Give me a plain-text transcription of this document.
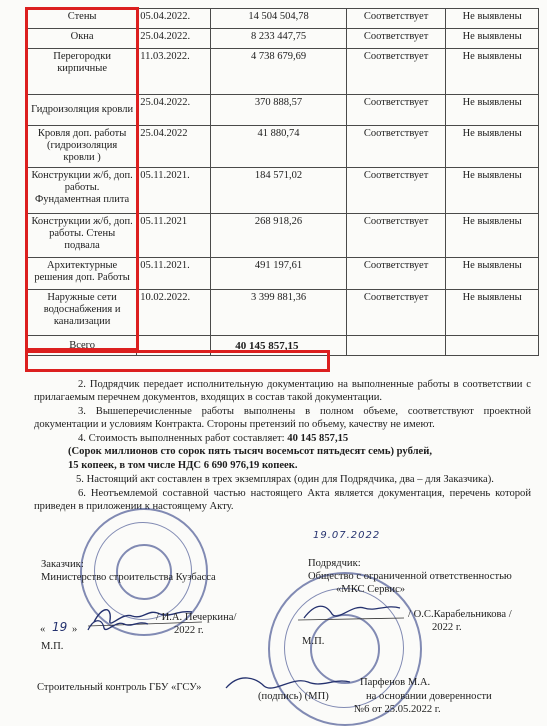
Стены	05.04.2022.	14 504 504,78	Соответствует	Не выявлены
Окна	25.04.2022.	8 233 447,75	Соответствует	Не выявлены
Перегородки кирпичные	11.03.2022.	4 738 679,69	Соответствует	Не выявлены
Гидроизоляция кровли	25.04.2022.	370 888,57	Соответствует	Не выявлены
Кровля доп. работы (гидроизоляция кровли )	25.04.2022	41 880,74	Соответствует	Не выявлены
Конструкции ж/б, доп. работы. Фундаментная плита	05.11.2021.	184 571,02	Соответствует	Не выявлены
Конструкции ж/б, доп. работы. Стены подвала	05.11.2021	268 918,26	Соответствует	Не выявлены
Архитектурные решения доп. Работы	05.11.2021.	491 197,61	Соответствует	Не выявлены
Наружные сети водоснабжения и канализации	10.02.2022.	3 399 881,36	Соответствует	Не выявлены
Всего		40 145 857,15		
2. Подрядчик передает исполнительную документацию на выполненные работы в соответствии с прилагаемым перечнем документов, входящих в состав такой документации.
3. Вышеперечисленные работы выполнены в полном объеме, соответствуют проектной документации и условиям Контракта. Стороны претензий по объему, качеству не имеют.
4. Стоимость выполненных работ составляет: 40 145 857,15
(Сорок миллионов сто сорок пять тысяч восемьсот пятьдесят семь) рублей,
15 копеек, в том числе НДС 6 690 976,19 копеек.
5. Настоящий акт составлен в трех экземплярах (один для Подрядчика, два – для Заказчика).
6. Неотъемлемой составной частью настоящего Акта является документация, перечень которой приведен в приложении к настоящему Акту.
19.07.2022
Заказчик:
Министерство строительства Кузбасса
Подрядчик:
Общество с ограниченной ответственностью
«МКС Сервис»
/ И.А. Печеркина/
« 19 »	2022 г.
М.П.
/ О.С.Карабельникова /
2022 г.
М.П.
Строительный контроль ГБУ «ГСУ»	Парфенов М.А.
(подпись) (МП)	на основании доверенности
№6 от 25.05.2022 г.
